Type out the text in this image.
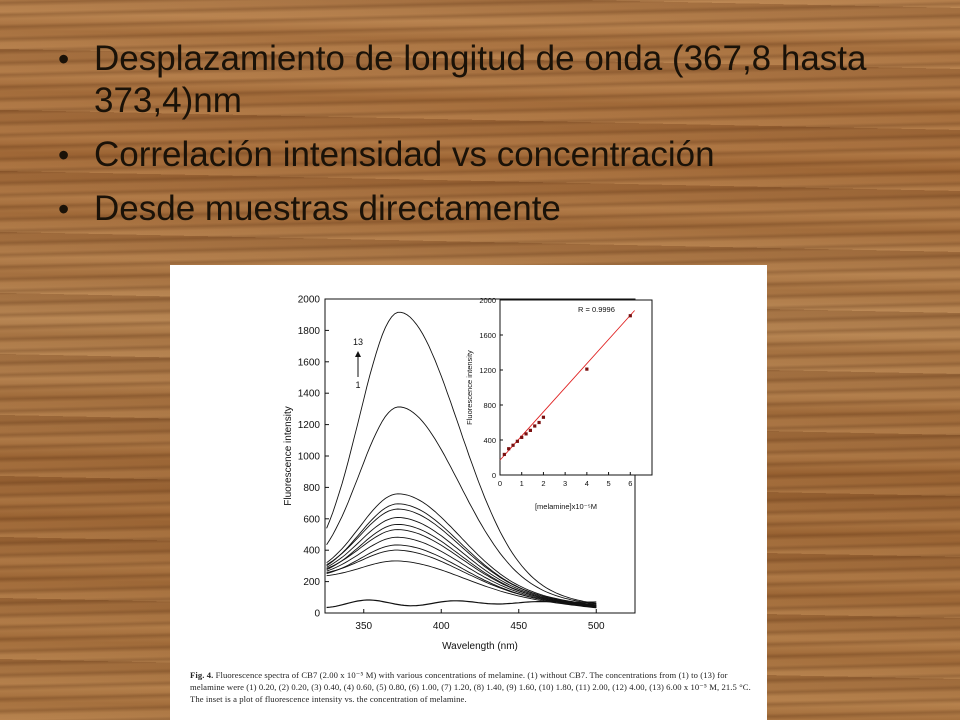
• Desplazamiento de longitud de onda (367,8 hasta 373,4)nm
• Correlación intensidad vs concentración
• Desde muestras directamente
0
200
400
600
800
1000
1200
1400
1600
1800
2000
350	400	450	500
Wavelength (nm)
Fluorescence intensity
13
1
0
400
800
1200
1600
2000
0 1 2 3 4 5 6
[melamine]x10⁻⁵M
Fluorescence intensity
R = 0.9996
Fig. 4. Fluorescence spectra of CB7 (2.00 x 10⁻⁵ M) with various concentrations of melamine. (1) without CB7. The concentrations from (1) to (13) for melamine were (1) 0.20, (2) 0.20, (3) 0.40, (4) 0.60, (5) 0.80, (6) 1.00, (7) 1.20, (8) 1.40, (9) 1.60, (10) 1.80, (11) 2.00, (12) 4.00, (13) 6.00 x 10⁻⁵ M, 21.5 °C. The inset is a plot of fluorescence intensity vs. the concentration of melamine.
